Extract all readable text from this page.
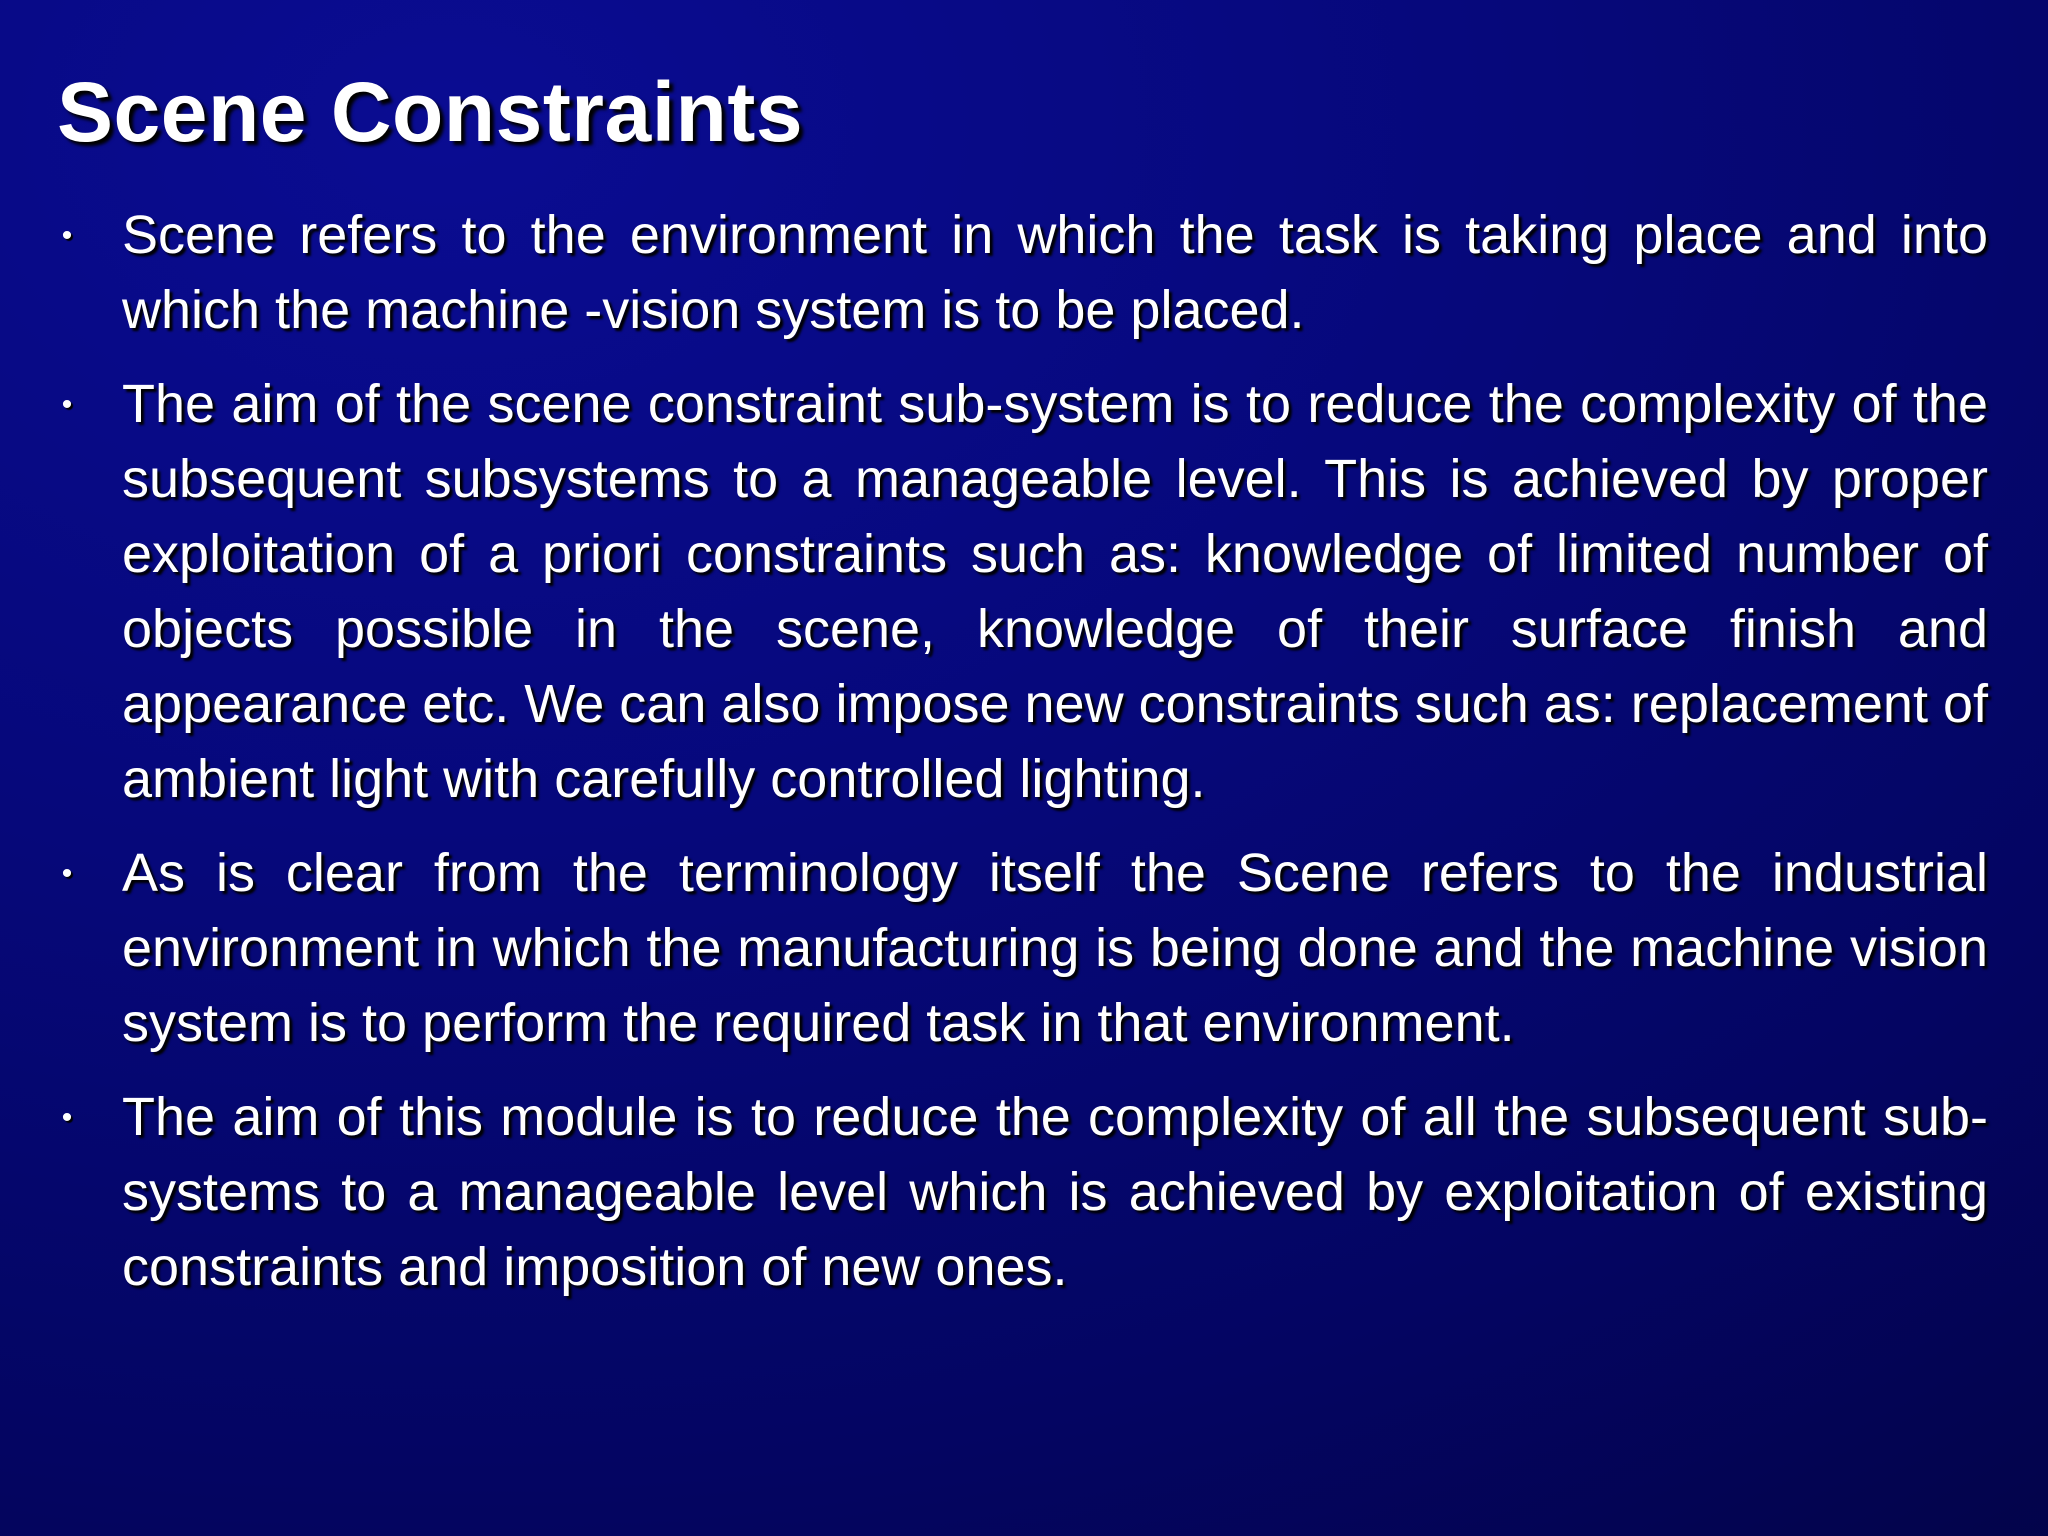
Scene Constraints
• Scene refers to the environment in which the task is taking place and into which the machine -vision system is to be placed.
• The aim of the scene constraint sub-system is to reduce the complexity of the subsequent subsystems to a manageable level. This is achieved by proper exploitation of a priori constraints such as: knowledge of limited number of objects possible in the scene, knowledge of their surface finish and appearance etc. We can also impose new constraints such as: replacement of ambient light with carefully controlled lighting.
• As is clear from the terminology itself the Scene refers to the industrial environment in which the manufacturing is being done and the machine vision system is to perform the required task in that environment.
• The aim of this module is to reduce the complexity of all the subsequent sub-systems to a manageable level which is achieved by exploitation of existing constraints and imposition of new ones.
